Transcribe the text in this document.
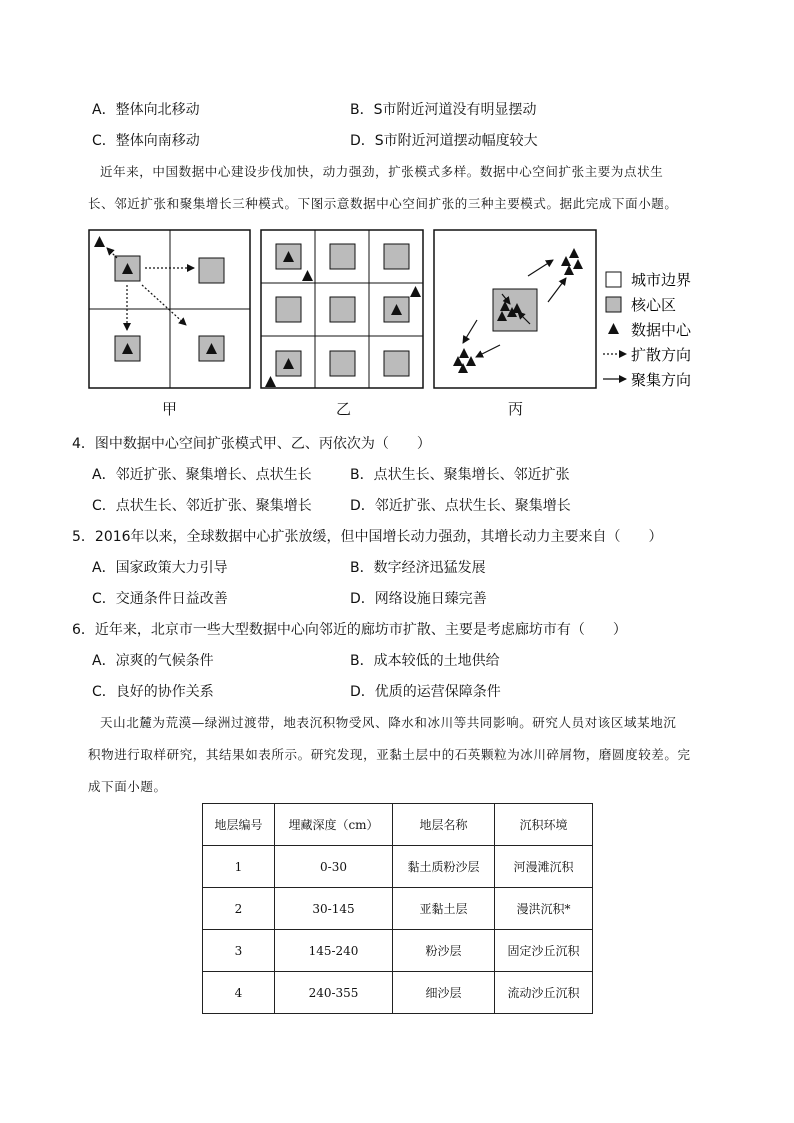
A．整体向北移动	B．S市附近河道没有明显摆动
C．整体向南移动	D．S市附近河道摆动幅度较大
近年来，中国数据中心建设步伐加快，动力强劲，扩张模式多样。数据中心空间扩张主要为点状生
长、邻近扩张和聚集增长三种模式。下图示意数据中心空间扩张的三种主要模式。据此完成下面小题。
城市边界
核心区
数据中心
扩散方向
聚集方向
甲	乙	丙
4．图中数据中心空间扩张模式甲、乙、丙依次为（　　）
A．邻近扩张、聚集增长、点状生长	B．点状生长、聚集增长、邻近扩张
C．点状生长、邻近扩张、聚集增长	D．邻近扩张、点状生长、聚集增长
5．2016年以来，全球数据中心扩张放缓，但中国增长动力强劲，其增长动力主要来自（　　）
A．国家政策大力引导	B．数字经济迅猛发展
C．交通条件日益改善	D．网络设施日臻完善
6．近年来，北京市一些大型数据中心向邻近的廊坊市扩散、主要是考虑廊坊市有（　　）
A．凉爽的气候条件	B．成本较低的土地供给
C．良好的协作关系	D．优质的运营保障条件
天山北麓为荒漠—绿洲过渡带，地表沉积物受风、降水和冰川等共同影响。研究人员对该区域某地沉
积物进行取样研究，其结果如表所示。研究发现，亚黏土层中的石英颗粒为冰川碎屑物，磨圆度较差。完
成下面小题。
地层编号	埋藏深度（cm）	地层名称	沉积环境
1	0-30	黏土质粉沙层	河漫滩沉积
2	30-145	亚黏土层	漫洪沉积*
3	145-240	粉沙层	固定沙丘沉积
4	240-355	细沙层	流动沙丘沉积
